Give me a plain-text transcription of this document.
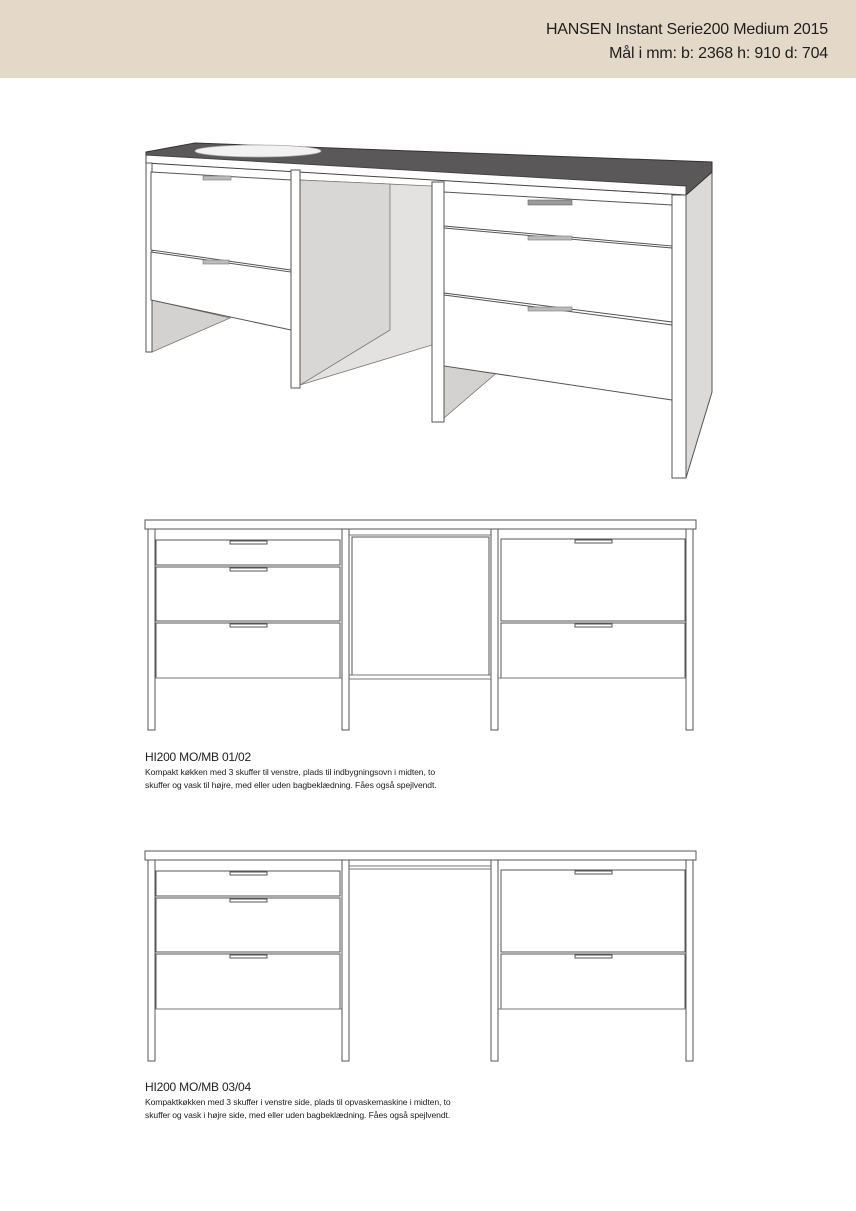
HANSEN Instant Serie200 Medium 2015

Mål i mm: b: 2368 h: 910 d: 704

HI200 MO/MB 01/02

Kompakt køkken med 3 skuffer til venstre, plads til indbygningsovn i midten, to

skuffer og vask til højre, med eller uden bagbeklædning. Fåes også spejlvendt.

HI200 MO/MB 03/04

Kompaktkøkken med 3 skuffer i venstre side, plads til opvaskemaskine i midten, to

skuffer og vask i højre side, med eller uden bagbeklædning. Fåes også spejlvendt.
